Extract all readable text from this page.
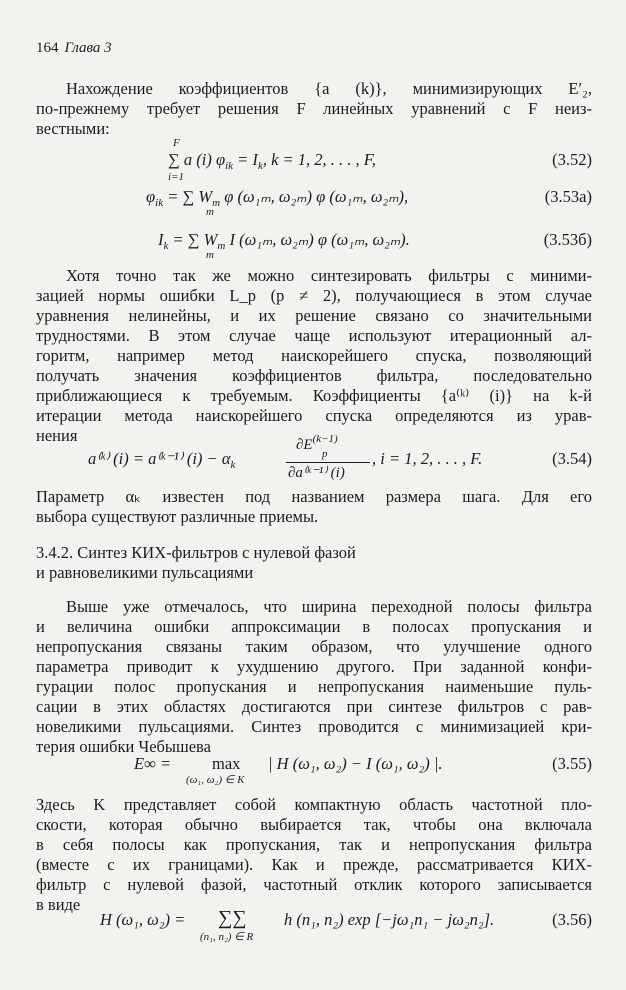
164 Глава 3
Нахождение коэффициентов {a (k)}, минимизирующих E′₂,
по-прежнему требует решения F линейных уравнений с F неиз-
вестными:
F
∑ a (i) $\varphi_{ik} = I_k$, k = 1, 2, . . . , F,
i=1
(3.52)
$\varphi_{ik}$ = ∑ $W_m$ φ (ω₁ₘ, ω₂ₘ) φ (ω₁ₘ, ω₂ₘ),
m
(3.53а)
$I_k$ = ∑ $W_m$ I (ω₁ₘ, ω₂ₘ) φ (ω₁ₘ, ω₂ₘ).
m
(3.53б)
Хотя точно так же можно синтезировать фильтры с миними-
зацией нормы ошибки L_p (p ≠ 2), получающиеся в этом случае
уравнения нелинейны, и их решение связано со значительными
трудностями. В этом случае чаще используют итерационный ал-
горитм, например метод наискорейшего спуска, позволяющий
получать значения коэффициентов фильтра, последовательно
приближающиеся к требуемым. Коэффициенты {a⁽ᵏ⁾ (i)} на k-й
итерации метода наискорейшего спуска определяются из урав-
нения
a⁽ᵏ⁾ (i) = a⁽ᵏ⁻¹⁾ $(i) - \alpha_k$
$\partial E^{(k-1)}$
p
∂a⁽ᵏ⁻¹⁾ (i)
, i = 1, 2, . . . , F.	(3.54)
Параметр αₖ известен под названием размера шага. Для его
выбора существуют различные приемы.
3.4.2. Синтез КИХ-фильтров с нулевой фазой
и равновеликими пульсациями
Выше уже отмечалось, что ширина переходной полосы фильтра
и величина ошибки аппроксимации в полосах пропускания и
непропускания связаны таким образом, что улучшение одного
параметра приводит к ухудшению другого. При заданной конфи-
гурации полос пропускания и непропускания наименьшие пуль-
сации в этих областях достигаются при синтезе фильтров с рав-
новеликими пульсациями. Синтез проводится с минимизацией кри-
терия ошибки Чебышева
E∞ = max
(ω₁, ω₂) ∈ K
| H (ω₁, ω₂) − I (ω₁, ω₂) |.	(3.55)
Здесь K представляет собой компактную область частотной пло-
скости, которая обычно выбирается так, чтобы она включала
в себя полосы как пропускания, так и непропускания фильтра
(вместе с их границами). Как и прежде, рассматривается КИХ-
фильтр с нулевой фазой, частотный отклик которого записывается
в виде
H (ω₁, ω₂) = ∑∑
(n₁, n₂) ∈ R
h (n₁, n₂) exp [−jω₁n₁ − jω₂n₂].	(3.56)
